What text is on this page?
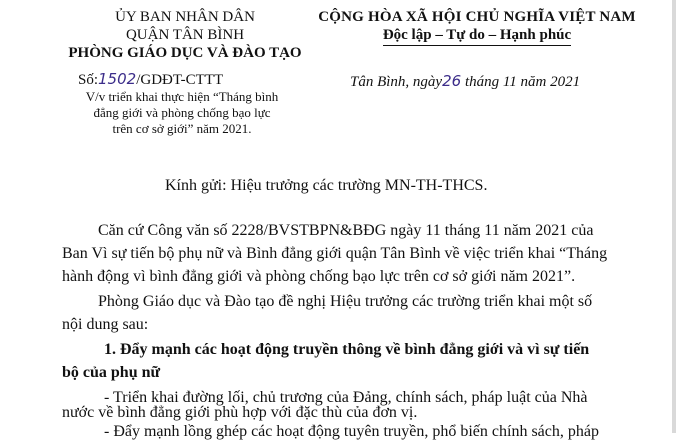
ỦY BAN NHÂN DÂN
QUẬN TÂN BÌNH
PHÒNG GIÁO DỤC VÀ ĐÀO TẠO
Số:1502/GDĐT-CTTT
V/v triển khai thực hiện “Tháng bình
đẳng giới và phòng chống bạo lực
trên cơ sở giới” năm 2021.
CỘNG HÒA XÃ HỘI CHỦ NGHĨA VIỆT NAM
Độc lập – Tự do – Hạnh phúc
Tân Bình, ngày26 tháng 11 năm 2021
Kính gửi: Hiệu trưởng các trường MN-TH-THCS.
Căn cứ Công văn số 2228/BVSTBPN&BĐG ngày 11 tháng 11 năm 2021 của
Ban Vì sự tiến bộ phụ nữ và Bình đẳng giới quận Tân Bình về việc triển khai “Tháng
hành động vì bình đẳng giới và phòng chống bạo lực trên cơ sở giới năm 2021”.
Phòng Giáo dục và Đào tạo đề nghị Hiệu trưởng các trường triển khai một số
nội dung sau:
1. Đẩy mạnh các hoạt động truyền thông về bình đẳng giới và vì sự tiến
bộ của phụ nữ
- Triển khai đường lối, chủ trương của Đảng, chính sách, pháp luật của Nhà
nước về bình đẳng giới phù hợp với đặc thù của đơn vị.
- Đẩy mạnh lồng ghép các hoạt động tuyên truyền, phổ biến chính sách, pháp
